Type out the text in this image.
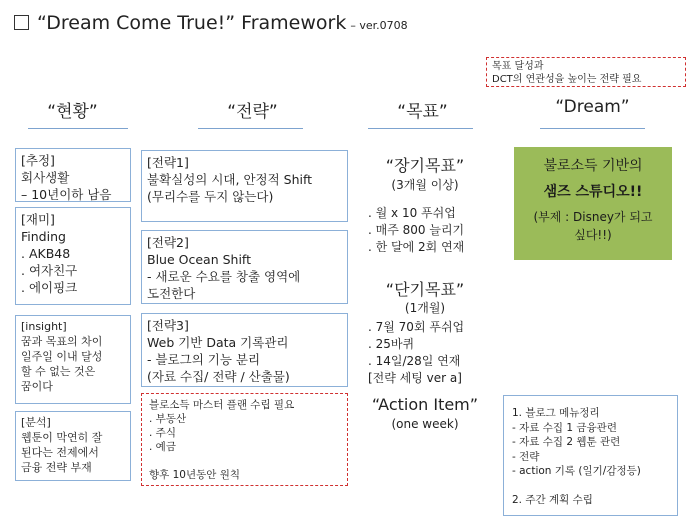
“Dream Come True!” Framework – ver.0708
목표 달성과
DCT의 연관성을 높이는 전략 필요
“현황”	“전략”	“목표”	“Dream”
[추정]
회사생활
– 10년이하 남음
[재미]
Finding
. AKB48
. 여자친구
. 에이핑크
[insight]
꿈과 목표의 차이
일주일 이내 달성
할 수 없는 것은
꿈이다
[분석]
웹툰이 막연히 잘
된다는 전제에서
금융 전략 부재
[전략1]
불확실성의 시대, 안정적 Shift
(무리수를 두지 않는다)
[전략2]
Blue Ocean Shift
- 새로운 수요를 창출 영역에
도전한다
[전략3]
Web 기반 Data 기록관리
- 블로그의 기능 분리
(자료 수집/ 전략 / 산출물)
블로소득 마스터 플랜 수립 필요
. 부동산
. 주식
. 예금

향후 10년동안 원칙
“장기목표”
(3개월 이상)
. 월 x 10 푸쉬업
. 매주 800 늘리기
. 한 달에 2회 연재
“단기목표”
(1개월)
. 7월 70회 푸쉬업
. 25바퀴
. 14일/28일 연재
[전략 세팅 ver a]
“Action Item”
(one week)
불로소득 기반의
샘즈 스튜디오!!
(부제 : Disney가 되고
싶다!!)
1. 블로그 메뉴정리
- 자료 수집 1 금융관련
- 자료 수집 2 웹툰 관련
- 전략
- action 기록 (일기/감정등)

2. 주간 계획 수립
